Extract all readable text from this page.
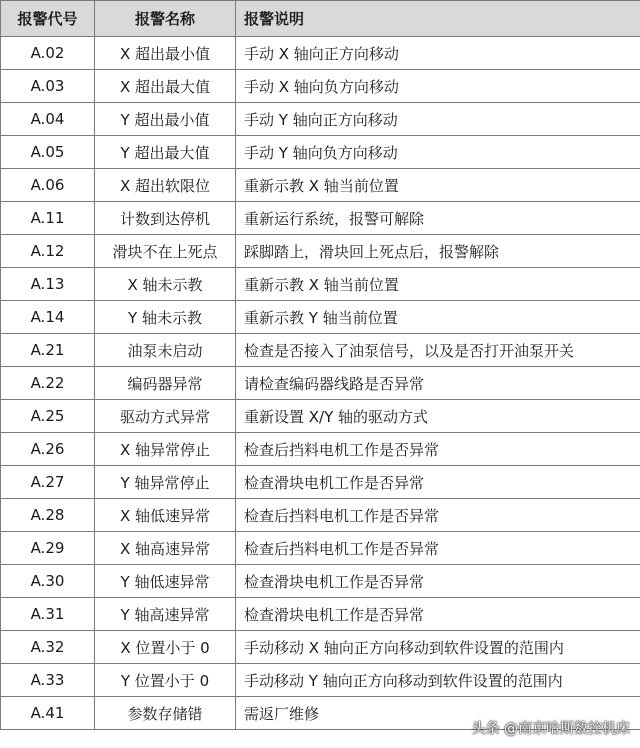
报警代号	报警名称	报警说明
A.02	X 超出最小值	手动 X 轴向正方向移动
A.03	X 超出最大值	手动 X 轴向负方向移动
A.04	Y 超出最小值	手动 Y 轴向正方向移动
A.05	Y 超出最大值	手动 Y 轴向负方向移动
A.06	X 超出软限位	重新示教 X 轴当前位置
A.11	计数到达停机	重新运行系统，报警可解除
A.12	滑块不在上死点	踩脚踏上，滑块回上死点后，报警解除
A.13	X 轴未示教	重新示教 X 轴当前位置
A.14	Y 轴未示教	重新示教 Y 轴当前位置
A.21	油泵未启动	检查是否接入了油泵信号，以及是否打开油泵开关
A.22	编码器异常	请检查编码器线路是否异常
A.25	驱动方式异常	重新设置 X/Y 轴的驱动方式
A.26	X 轴异常停止	检查后挡料电机工作是否异常
A.27	Y 轴异常停止	检查滑块电机工作是否异常
A.28	X 轴低速异常	检查后挡料电机工作是否异常
A.29	X 轴高速异常	检查后挡料电机工作是否异常
A.30	Y 轴低速异常	检查滑块电机工作是否异常
A.31	Y 轴高速异常	检查滑块电机工作是否异常
A.32	X 位置小于 0	手动移动 X 轴向正方向移动到软件设置的范围内
A.33	Y 位置小于 0	手动移动 Y 轴向正方向移动到软件设置的范围内
A.41	参数存储错	需返厂维修
头条 @南京哈斯数控机床
